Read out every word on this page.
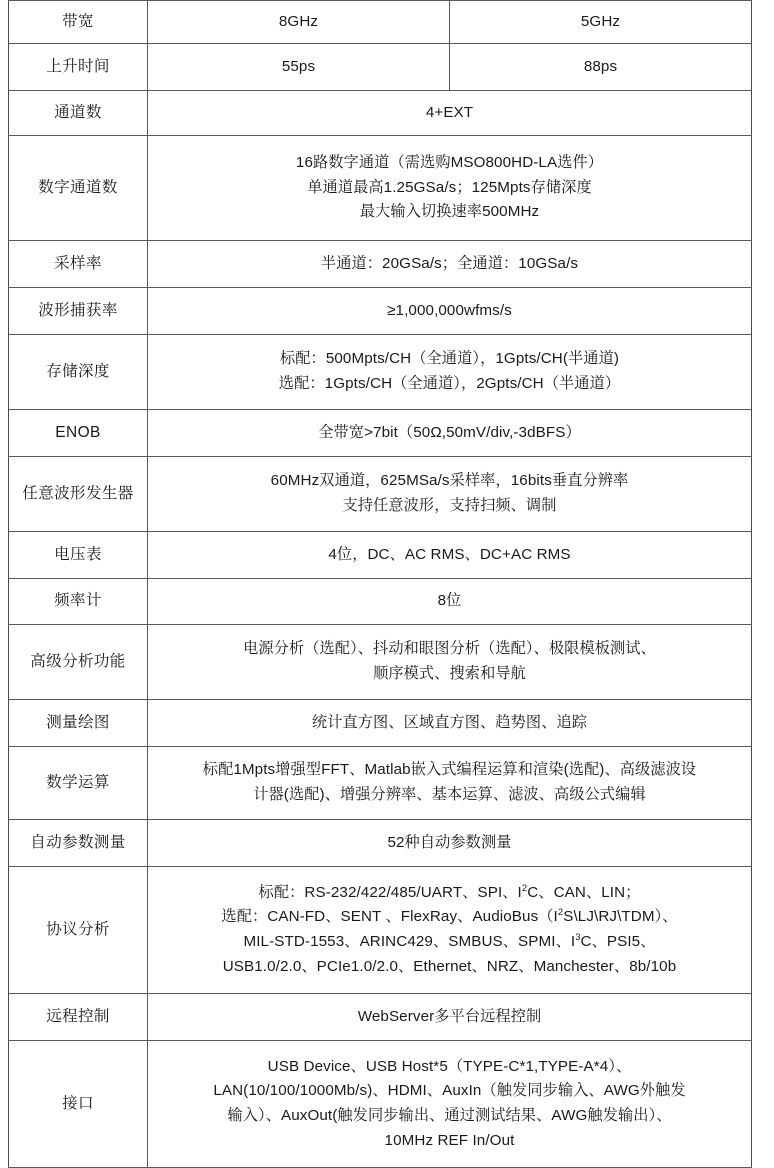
带宽	8GHz	5GHz
上升时间	55ps	88ps
通道数	4+EXT	

数字通道数	16路数字通道（需选购MSO800HD-LA选件）
单通道最高1.25GSa/s；125Mpts存储深度
最大输入切换速率500MHz	

采样率	半通道：20GSa/s；全通道：10GSa/s	

波形捕获率	≥1,000,000wfms/s	

存储深度	标配：500Mpts/CH（全通道），1Gpts/CH(半通道)
选配：1Gpts/CH（全通道），2Gpts/CH（半通道）	

ENOB	全带宽>7bit（50Ω,50mV/div,-3dBFS）	

任意波形发生器	60MHz双通道，625MSa/s采样率，16bits垂直分辨率
支持任意波形，支持扫频、调制	

电压表	4位，DC、AC RMS、DC+AC RMS	

频率计	8位	

高级分析功能	电源分析（选配）、抖动和眼图分析（选配）、极限模板测试、
顺序模式、搜索和导航	

测量绘图	统计直方图、区域直方图、趋势图、追踪	

数学运算	标配1Mpts增强型FFT、Matlab嵌入式编程运算和渲染(选配)、高级滤波设
计器(选配)、增强分辨率、基本运算、滤波、高级公式编辑	

自动参数测量	52种自动参数测量	

协议分析	标配：RS-232/422/485/UART、SPI、$I^2C$、CAN、LIN；
选配：CAN-FD、SENT 、FlexRay、$AudioBus(I^2S\backslash LJ\backslash RJ\backslash TDM)$、
MIL-STD-1553、ARINC429、SMBUS、SPMI、$I^3C$、PSI5、
USB1.0/2.0、PCIe1.0/2.0、Ethernet、NRZ、Manchester、8b/10b	

远程控制	WebServer多平台远程控制	

接口	USB Device、USB Host*5（TYPE-C*1,TYPE-A*4）、
LAN(10/100/1000Mb/s)、HDMI、AuxIn（触发同步输入、AWG外触发
输入）、AuxOut(触发同步输出、通过测试结果、AWG触发输出）、
10MHz REF In/Out	
